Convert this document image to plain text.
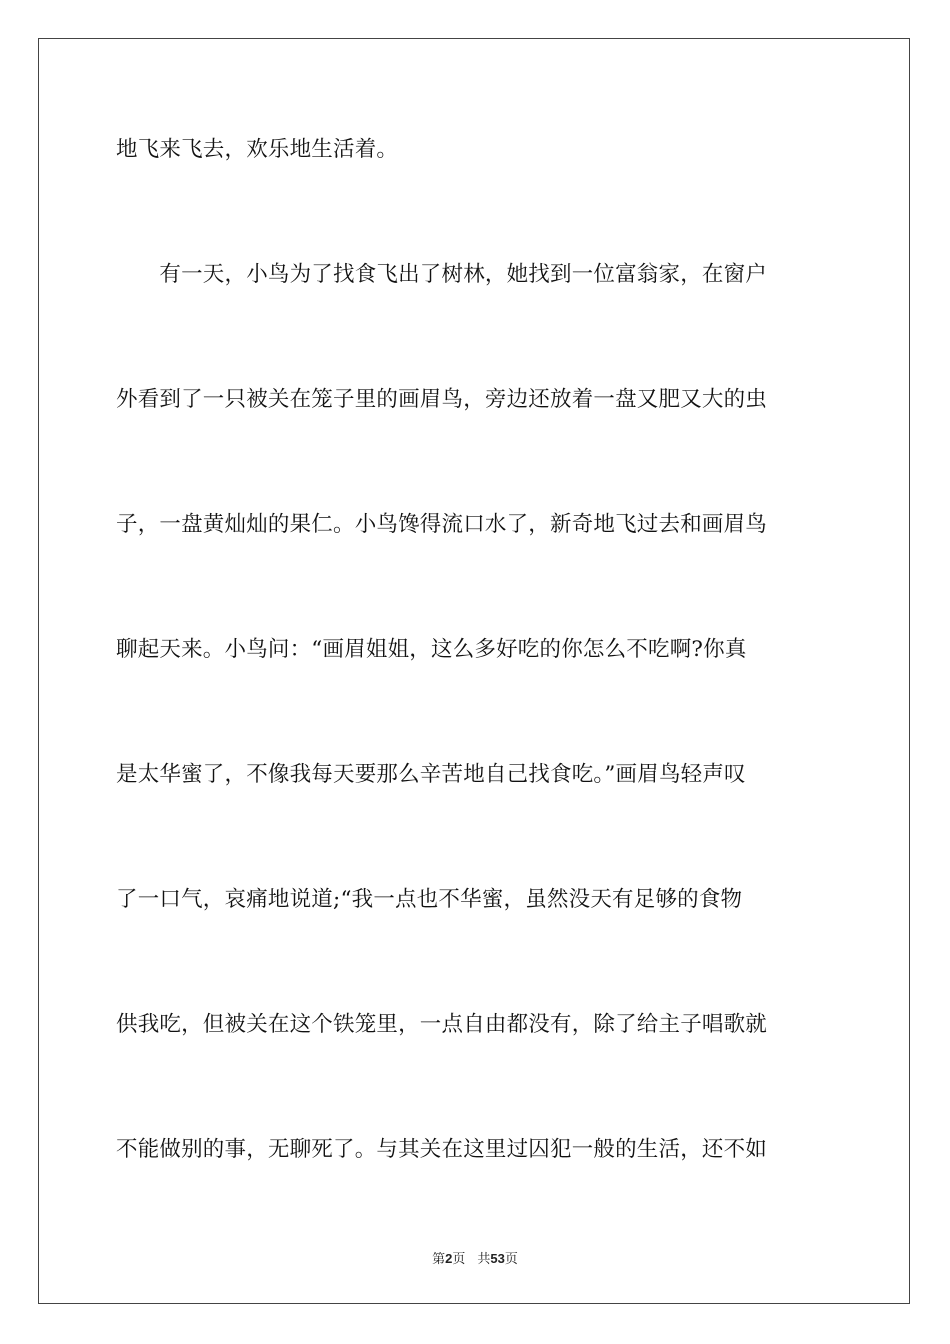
地飞来飞去，欢乐地生活着。
　　有一天，小鸟为了找食飞出了树林，她找到一位富翁家，在窗户
外看到了一只被关在笼子里的画眉鸟，旁边还放着一盘又肥又大的虫
子，一盘黄灿灿的果仁。小鸟馋得流口水了，新奇地飞过去和画眉鸟
聊起天来。小鸟问：“画眉姐姐，这么多好吃的你怎么不吃啊?你真
是太华蜜了，不像我每天要那么辛苦地自己找食吃。”画眉鸟轻声叹
了一口气，哀痛地说道;“我一点也不华蜜，虽然没天有足够的食物
供我吃，但被关在这个铁笼里，一点自由都没有，除了给主子唱歌就
不能做别的事，无聊死了。与其关在这里过囚犯一般的生活，还不如
第2页 共53页
